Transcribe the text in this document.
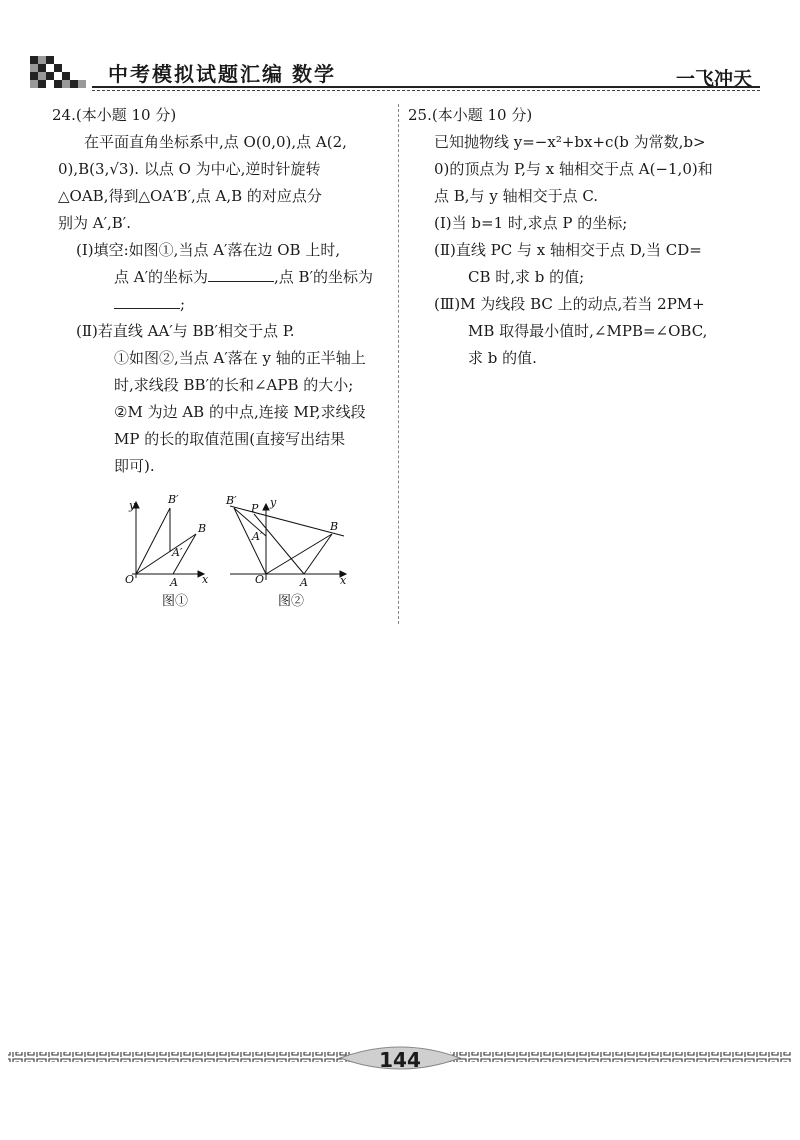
中考模拟试题汇编 数学	一飞冲天

24.(本小题 10 分)

在平面直角坐标系中,点 O(0,0),点 A(2,

0),B(3,√3). 以点 O 为中心,逆时针旋转

△OAB,得到△OA′B′,点 A,B 的对应点分

别为 A′,B′.

(Ⅰ)填空:如图①,当点 A′落在边 OB 上时,

点 A′的坐标为	,点 B′的坐标为

;

(Ⅱ)若直线 AA′与 BB′相交于点 P.

①如图②,当点 A′落在 y 轴的正半轴上

时,求线段 BB′的长和∠APB 的大小;

②M 为边 AB 的中点,连接 MP,求线段

MP 的长的取值范围(直接写出结果

即可).

y
x
O	A
B
A′
B′	y
x
O	A
B
A′
B′
P
图①	图②

25.(本小题 10 分)

已知抛物线 y=−x²+bx+c(b 为常数,b>

0)的顶点为 P,与 x 轴相交于点 A(−1,0)和

点 B,与 y 轴相交于点 C.

(Ⅰ)当 b=1 时,求点 P 的坐标;

(Ⅱ)直线 PC 与 x 轴相交于点 D,当 CD=

CB 时,求 b 的值;

(Ⅲ)M 为线段 BC 上的动点,若当 2PM+

MB 取得最小值时,∠MPB=∠OBC,

求 b 的值.

144
